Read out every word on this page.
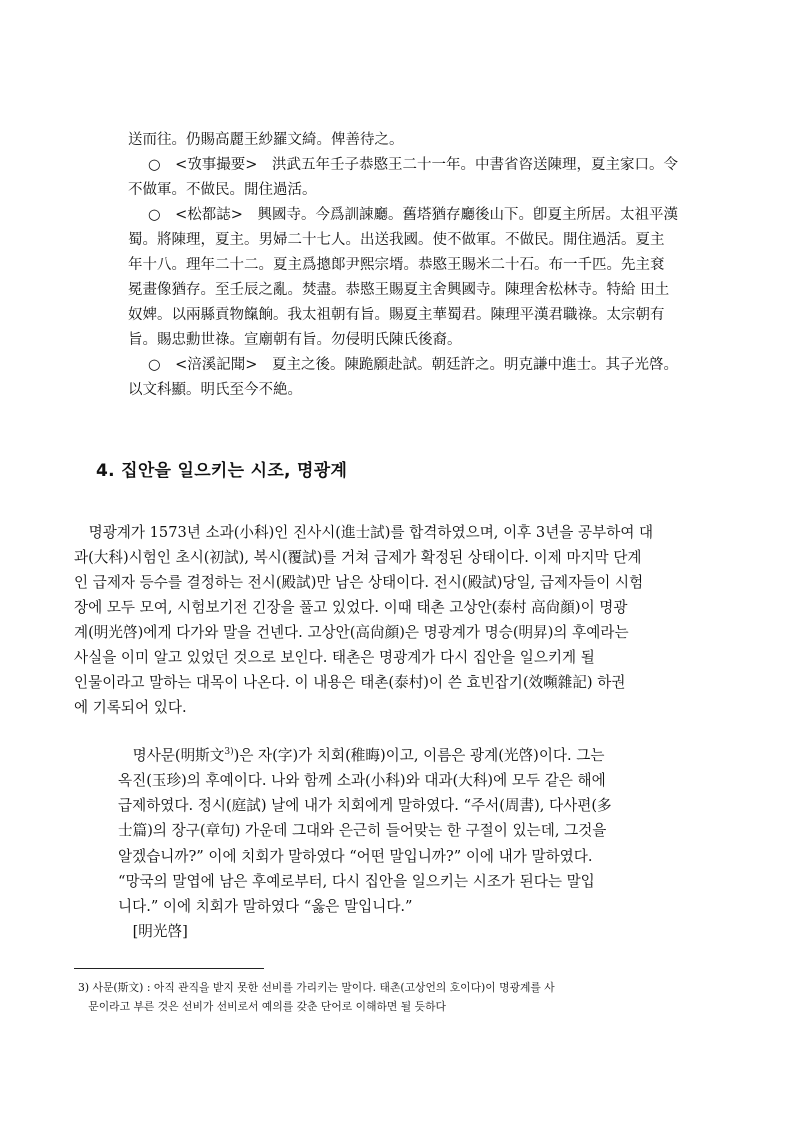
送而往。仍賜高麗王紗羅文綺。俾善待之。
○　<攷事撮要>　洪武五年壬子恭愍王二十一年。中書省咨送陳理，夏主家口。令
不做軍。不做民。閒住過活。
○　<松都誌>　興國寺。今爲訓誎廳。舊塔猶存廳後山下。卽夏主所居。太祖平漢
蜀。將陳理，夏主。男婦二十七人。出送我國。使不做軍。不做民。閒住過活。夏主
年十八。理年二十二。夏主爲摠郞尹熙宗壻。恭愍王賜米二十石。布一千匹。先主袞
冕畫像猶存。至壬辰之亂。焚盡。恭愍王賜夏主舍興國寺。陳理舍松林寺。特給 田土
奴婢。以兩縣貢物餼餉。我太祖朝有旨。賜夏主華蜀君。陳理平漢君職祿。太宗朝有
旨。賜忠勳世祿。宣廟朝有旨。勿侵明氏陳氏後裔。
○　<涪溪記聞>　夏主之後。陳跪願赴試。朝廷許之。明克謙中進士。其子光啓。
以文科顯。明氏至今不絶。
4. 집안을 일으키는 시조, 명광계
　명광계가 1573년 소과(小科)인 진사시(進士試)를 합격하였으며, 이후 3년을 공부하여 대
과(大科)시험인 초시(初試), 복시(覆試)를 거쳐 급제가 확정된 상태이다. 이제 마지막 단계
인 급제자 등수를 결정하는 전시(殿試)만 남은 상태이다. 전시(殿試)당일, 급제자들이 시험
장에 모두 모여, 시험보기전 긴장을 풀고 있었다. 이때 태촌 고상안(泰村 高尙顔)이 명광
계(明光啓)에게 다가와 말을 건넨다. 고상안(高尙顔)은 명광계가 명승(明昇)의 후예라는
사실을 이미 알고 있었던 것으로 보인다. 태촌은 명광계가 다시 집안을 일으키게 될
인물이라고 말하는 대목이 나온다. 이 내용은 태촌(泰村)이 쓴 효빈잡기(效嚬雜記) 하권
에 기록되어 있다.
　명사문(明斯文$^{3)}$)은 자(字)가 치회(稚晦)이고, 이름은 광계(光啓)이다. 그는
옥진(玉珍)의 후예이다. 나와 함께 소과(小科)와 대과(大科)에 모두 같은 해에
급제하였다. 정시(庭試) 날에 내가 치회에게 말하였다. “주서(周書), 다사편(多
士篇)의 장구(章句) 가운데 그대와 은근히 들어맞는 한 구절이 있는데, 그것을
알겠습니까?” 이에 치회가 말하였다 “어떤 말입니까?” 이에 내가 말하였다.
“망국의 말엽에 남은 후예로부터, 다시 집안을 일으키는 시조가 된다는 말입
니다.” 이에 치회가 말하였다 “옳은 말입니다.”
　[明光啓]
3) 사문(斯文) : 아직 관직을 받지 못한 선비를 가리키는 말이다. 태촌(고상언의 호이다)이 명광계를 사
문이라고 부른 것은 선비가 선비로서 예의를 갖춘 단어로 이해하면 될 듯하다
